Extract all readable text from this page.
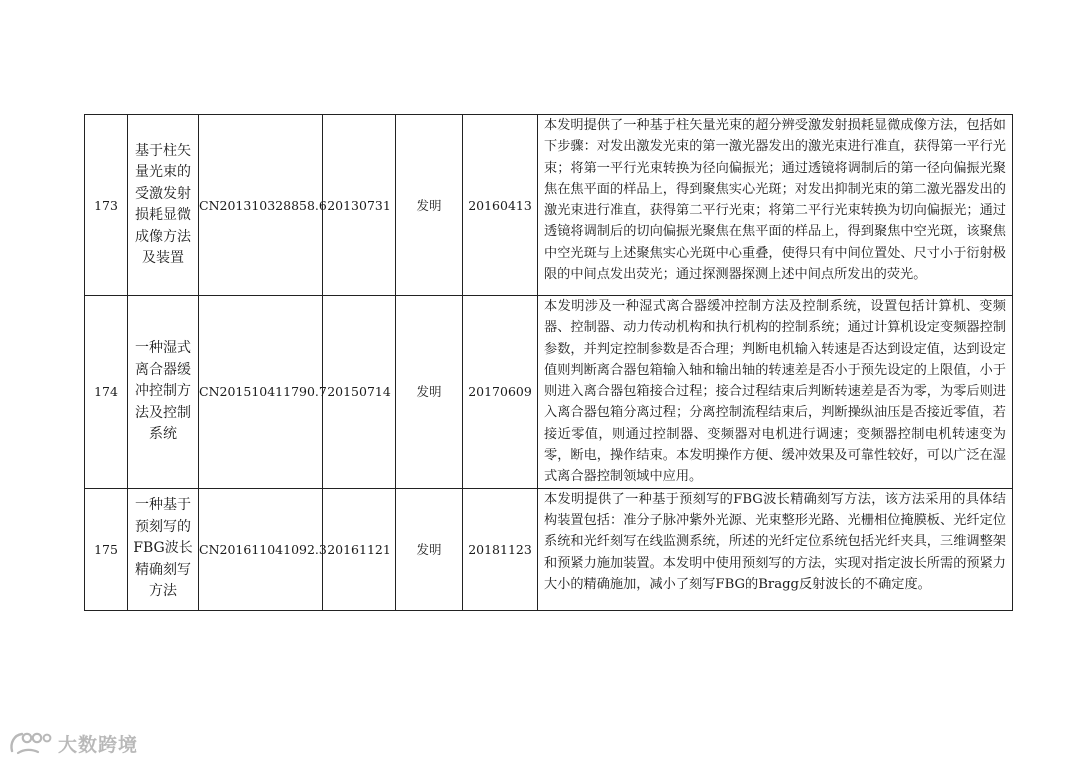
173	基于柱矢量光束的受激发射损耗显微成像方法及装置	CN201310328858.6	20130731	发明	20160413	本发明提供了一种基于柱矢量光束的超分辨受激发射损耗显微成像方法，包括如下步骤：对发出激发光束的第一激光器发出的激光束进行准直，获得第一平行光束；将第一平行光束转换为径向偏振光；通过透镜将调制后的第一径向偏振光聚焦在焦平面的样品上，得到聚焦实心光斑；对发出抑制光束的第二激光器发出的激光束进行准直，获得第二平行光束；将第二平行光束转换为切向偏振光；通过透镜将调制后的切向偏振光聚焦在焦平面的样品上，得到聚焦中空光斑，该聚焦中空光斑与上述聚焦实心光斑中心重叠，使得只有中间位置处、尺寸小于衍射极限的中间点发出荧光；通过探测器探测上述中间点所发出的荧光。
174	一种湿式离合器缓冲控制方法及控制系统	CN201510411790.7	20150714	发明	20170609	本发明涉及一种湿式离合器缓冲控制方法及控制系统，设置包括计算机、变频器、控制器、动力传动机构和执行机构的控制系统；通过计算机设定变频器控制参数，并判定控制参数是否合理；判断电机输入转速是否达到设定值，达到设定值则判断离合器包箱输入轴和输出轴的转速差是否小于预先设定的上限值，小于则进入离合器包箱接合过程；接合过程结束后判断转速差是否为零，为零后则进入离合器包箱分离过程；分离控制流程结束后，判断操纵油压是否接近零值，若接近零值，则通过控制器、变频器对电机进行调速；变频器控制电机转速变为零，断电，操作结束。本发明操作方便、缓冲效果及可靠性较好，可以广泛在湿式离合器控制领域中应用。
175	一种基于预刻写的FBG波长精确刻写方法	CN201611041092.3	20161121	发明	20181123	本发明提供了一种基于预刻写的FBG波长精确刻写方法，该方法采用的具体结构装置包括：准分子脉冲紫外光源、光束整形光路、光栅相位掩膜板、光纤定位系统和光纤刻写在线监测系统，所述的光纤定位系统包括光纤夹具，三维调整架和预紧力施加装置。本发明中使用预刻写的方法，实现对指定波长所需的预紧力大小的精确施加，减小了刻写FBG的Bragg反射波长的不确定度。
大数跨境
